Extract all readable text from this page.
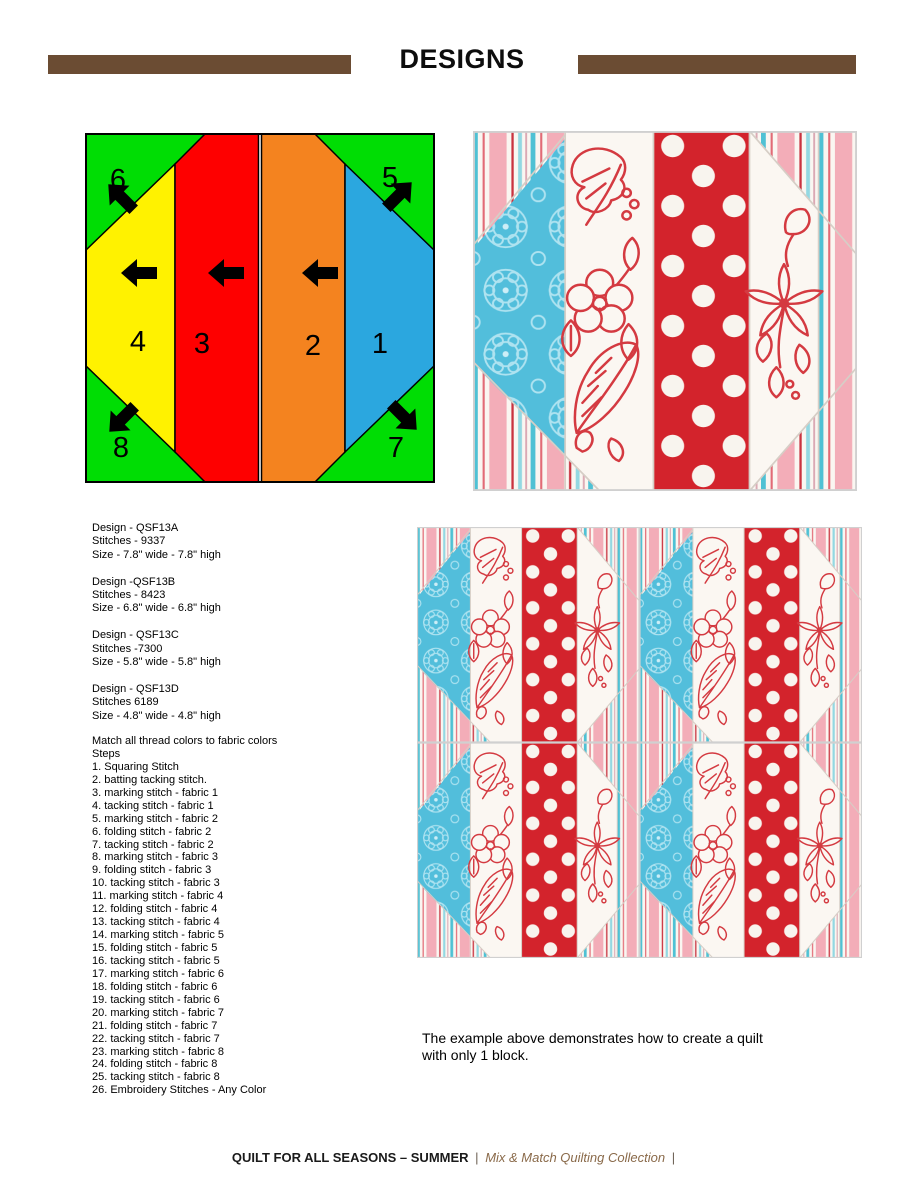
DESIGNS
1
2
3
4
5
6
7
8

Design - QSF13A
Stitches - 9337
Size - 7.8" wide - 7.8" high

Design -QSF13B
Stitches - 8423
Size - 6.8" wide - 6.8" high

Design - QSF13C
Stitches -7300
Size - 5.8" wide - 5.8" high

Design - QSF13D
Stitches 6189
Size - 4.8" wide - 4.8" high

Match all thread colors to fabric colors
Steps
1. Squaring Stitch
2. batting tacking stitch.
3. marking stitch - fabric 1
4. tacking stitch - fabric 1
5. marking stitch - fabric 2
6. folding stitch - fabric 2
7. tacking stitch - fabric 2
8. marking stitch - fabric 3
9. folding stitch - fabric 3
10. tacking stitch - fabric 3
11. marking stitch - fabric 4
12. folding stitch - fabric 4
13. tacking stitch - fabric 4
14. marking stitch - fabric 5
15. folding stitch - fabric 5
16. tacking stitch - fabric 5
17. marking stitch - fabric 6
18. folding stitch - fabric 6
19. tacking stitch - fabric 6
20. marking stitch - fabric 7
21. folding stitch - fabric 7
22. tacking stitch - fabric 7
23. marking stitch - fabric 8
24. folding stitch - fabric 8
25. tacking stitch - fabric 8
26. Embroidery Stitches - Any Color
The example above demonstrates how to create a quilt
with only 1 block.
QUILT FOR ALL SEASONS – SUMMER | Mix & Match Quilting Collection |
